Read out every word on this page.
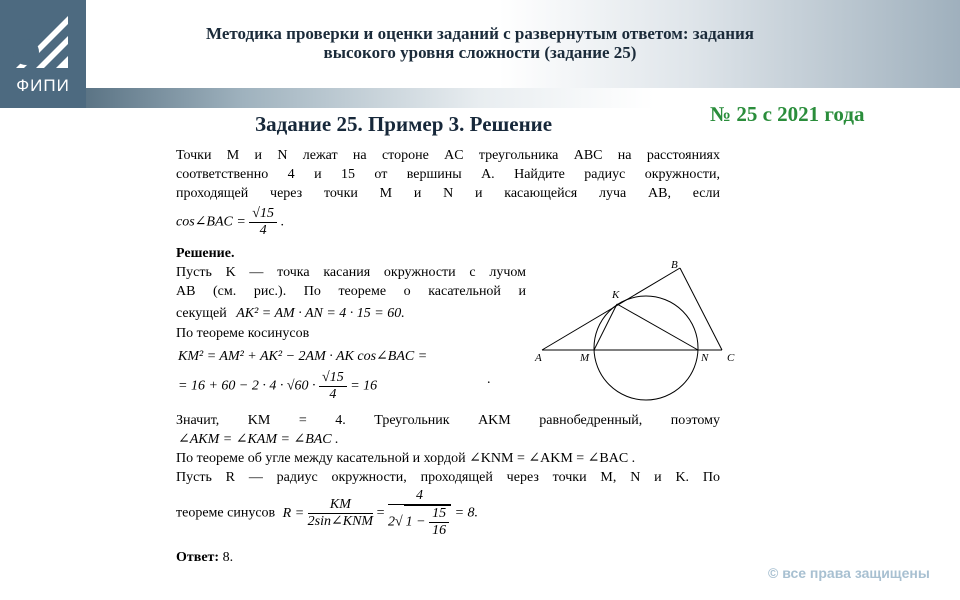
ФИПИ
Методика проверки и оценки заданий с развернутым ответом: задания
высокого уровня сложности (задание 25)
Задание 25. Пример 3. Решение	№ 25 с 2021 года
Точки M и N лежат на стороне AC треугольника ABC на расстояниях
соответственно 4 и 15 от вершины A. Найдите радиус окружности,
проходящей через точки M и N и касающейся луча AB, если
cos∠BAC = $\frac{√15}{4}$ .
Решение.
Пусть K — точка касания окружности с лучом
AB (см. рис.). По теореме о касательной и
секущей AK² = AM · AN = 4 · 15 = 60.
По теореме косинусов
KM² = AM² + AK² − 2AM · AK cos∠BAC =
= $16 + 60 - 2 \cdot 4 \cdot √60 \cdot \frac{√15}{4} = 16$	.
Значит, KM = 4. Треугольник AKM равнобедренный, поэтому
∠AKM = ∠KAM = ∠BAC .
По теореме об угле между касательной и хордой ∠KNM = ∠AKM = ∠BAC .
Пусть R — радиус окружности, проходящей через точки M, N и K. По
теореме синусов $R = \frac{KM}{\text{2sin∠KNM}} = \frac{4}{2√ 1 - \frac{15}{16}} = 8$.
Ответ: 8.
A	M	N C
B
K
© все права защищены
